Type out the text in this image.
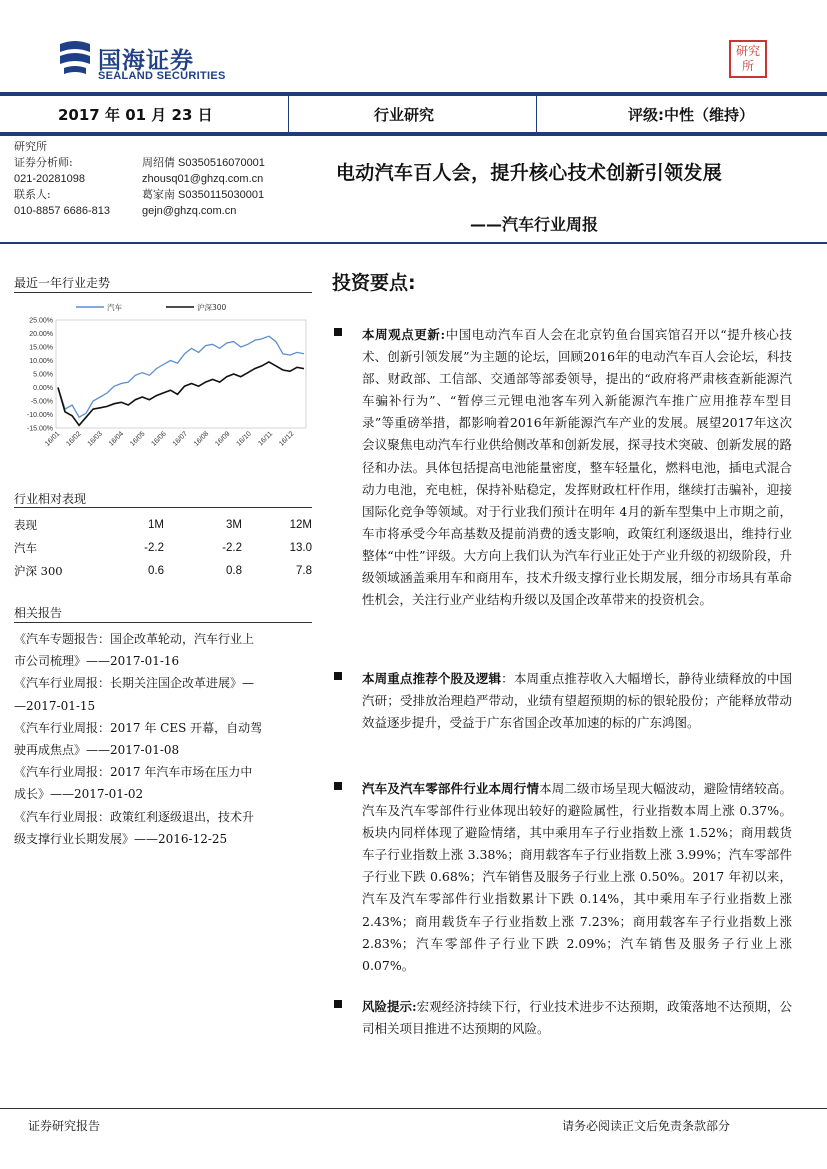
国海证券
SEALAND SECURITIES
研究所
2017 年 01 月 23 日	行业研究	评级:中性（维持）
研究所
证券分析师:	周绍倩 S0350516070001
021-20281098	zhousq01@ghzq.com.cn
联系人:	葛家南 S0350115030001
010-8857 6686-813	gejn@ghzq.com.cn
电动汽车百人会，提升核心技术创新引领发展
——汽车行业周报
最近一年行业走势
25.00%
20.00%
15.00%
10.00%
5.00%
0.00%
-5.00%
-10.00%
-15.00%
16/01 16/02 16/03 16/04 16/05 16/06 16/07 16/08 16/09 16/10 16/11 16/12
汽车	沪深300
行业相对表现
表现	1M	3M	12M
汽车	-2.2	-2.2	13.0
沪深 300	0.6	0.8	7.8
相关报告
《汽车专题报告：国企改革轮动，汽车行业上
市公司梳理》——2017-01-16
《汽车行业周报：长期关注国企改革进展》—
—2017-01-15
《汽车行业周报：2017 年 CES 开幕，自动驾
驶再成焦点》——2017-01-08
《汽车行业周报：2017 年汽车市场在压力中
成长》——2017-01-02
《汽车行业周报：政策红利逐级退出，技术升
级支撑行业长期发展》——2016-12-25
投资要点:
本周观点更新:中国电动汽车百人会在北京钓鱼台国宾馆召开以“提升核心技术、创新引领发展”为主题的论坛，回顾2016年的电动汽车百人会论坛，科技部、财政部、工信部、交通部等部委领导，提出的“政府将严肃核查新能源汽车骗补行为”、“暂停三元锂电池客车列入新能源汽车推广应用推荐车型目录”等重磅举措，都影响着2016年新能源汽车产业的发展。展望2017年这次会议聚焦电动汽车行业供给侧改革和创新发展，探寻技术突破、创新发展的路径和办法。具体包括提高电池能量密度，整车轻量化，燃料电池，插电式混合动力电池，充电桩，保持补贴稳定，发挥财政杠杆作用，继续打击骗补，迎接国际化竞争等领域。对于行业我们预计在明年 4月的新车型集中上市期之前，车市将承受今年高基数及提前消费的透支影响，政策红利逐级退出，维持行业整体“中性”评级。大方向上我们认为汽车行业正处于产业升级的初级阶段，升级领域涵盖乘用车和商用车，技术升级支撑行业长期发展，细分市场具有革命性机会，关注行业产业结构升级以及国企改革带来的投资机会。
本周重点推荐个股及逻辑：本周重点推荐收入大幅增长，静待业绩释放的中国汽研；受排放治理趋严带动，业绩有望超预期的标的银轮股份；产能释放带动效益逐步提升，受益于广东省国企改革加速的标的广东鸿图。
汽车及汽车零部件行业本周行情本周二级市场呈现大幅波动，避险情绪较高。汽车及汽车零部件行业体现出较好的避险属性，行业指数本周上涨 0.37%。板块内同样体现了避险情绪，其中乘用车子行业指数上涨 1.52%；商用载货车子行业指数上涨 3.38%；商用载客车子行业指数上涨 3.99%；汽车零部件子行业下跌 0.68%；汽车销售及服务子行业上涨 0.50%。2017 年初以来，汽车及汽车零部件行业指数累计下跌 0.14%，其中乘用车子行业指数上涨 2.43%；商用载货车子行业指数上涨 7.23%；商用载客车子行业指数上涨 2.83%；汽车零部件子行业下跌 2.09%；汽车销售及服务子行业上涨 0.07%。
风险提示:宏观经济持续下行，行业技术进步不达预期，政策落地不达预期，公司相关项目推进不达预期的风险。
证券研究报告	请务必阅读正文后免责条款部分
